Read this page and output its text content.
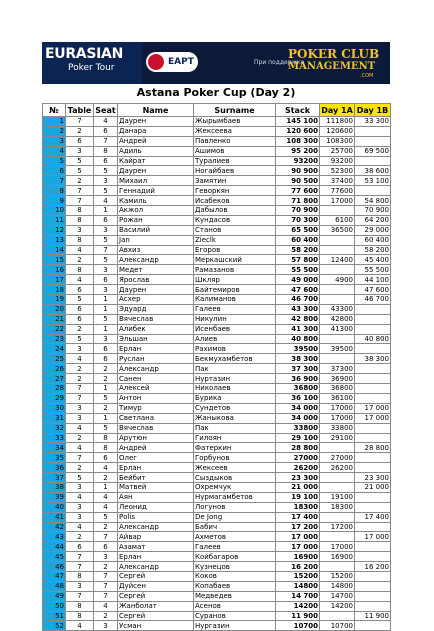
EURASIAN
Poker Tour
EAPT	При поддержке
POKER CLUB
MANAGEMENT
.COM
Astana Poker Cup (Day 2)
№	Table	Seat	Name	Surname	Stack	Day 1A	Day 1B
1	7	4	Даурен	Жырымбаев	145 100	111800	33 300
2	2	6	Данара	Жексеева	120 600	120600	
3	6	7	Андрей	Павленко	108 300	108300	
4	3	8	Адиль	Ашимов	95 200	25700	69 500
5	5	6	Кайрат	Туралиев	93200	93200	
6	5	5	Даурен	Ногайбаев	90 900	52300	38 600
7	2	3	Михаил	Замятин	90 500	37400	53 100
8	7	5	Геннадий	Геворкян	77 600	77600	
9	7	4	Камиль	Исабеков	71 800	17000	54 800
10	8	1	Акжол	Дабылов	70 900		70 900
11	8	6	Рожан	Кундасов	70 300	6100	64 200
12	3	3	Василий	Станов	65 500	36500	29 000
13	8	5	Jan	Zieclk	60 400		60 400
14	4	7	Авхиз	Егоров	58 200		58 200
15	2	5	Александр	Меркашский	57 800	12400	45 400
16	8	3	Медет	Рамазанов	55 500		55 500
17	4	6	Ярослав	Шкляр	49 000	4900	44 100
18	6	3	Даурен	Байтемиров	47 600		47 600
19	5	1	Асхер	Калиманов	46 700		46 700
20	6	1	Эдуард	Галеев	43 300	43300	
21	6	5	Вячеслав	Никулин	42 800	42800	
22	2	1	Алибек	Исенбаев	41 300	41300	
23	5	3	Эльшан	Алиев	40 800		40 800
24	3	6	Ерлан	Рахимов	39500	39500	
25	4	6	Руслан	Бекмухамбетов	38 300		38 300
26	2	2	Александр	Пак	37 300	37300	
27	2	2	Санен	Нуртазин	36 900	36900	
28	7	1	Алексей	Николаев	36800	36800	
29	7	5	Антон	Бурика	36 100	36100	
30	3	2	Тимур	Сундетов	34 000	17000	17 000
31	3	1	Светлана	Жаныкова	34 000	17000	17 000
32	4	5	Вячеслав	Пак	33800	33800	
33	2	8	Арутюн	Гилоян	29 100	29100	
34	4	8	Андрей	Фатеркин	28 800		28 800
35	7	6	Олег	Горбунов	27000	27000	
36	2	4	Ерлан	Жексеев	26200	26200	
37	5	2	Бейбит	Сыздыков	23 300		23 300
38	3	1	Матвей	Охремчук	21 000		21 000
39	4	4	Аян	Нурмагамбетов	19 100	19100	
40	3	4	Леонид	Логунов	18300	18300	
41	3	5	Роlis	De Jong	17 400		17 400
42	4	2	Александр	Бабич	17 200	17200	
43	2	7	Айвар	Ахметов	17 000		17 000
44	6	6	Азамат	Галеев	17 000	17000	
45	7	3	Ерлан	Койбагаров	16900	16900	
46	7	2	Александр	Кузнецов	16 200		16 200
47	8	7	Сергей	Коков	15200	15200	
48	3	7	Дуйсен	Копабаев	14800	14800	
49	7	7	Сергей	Медведев	14 700	14700	
50	8	4	Жанболат	Асенов	14200	14200	
51	8	2	Сергей	Суранов	11 900		11 900
52	4	3	Усман	Нургазин	10700	10700	
